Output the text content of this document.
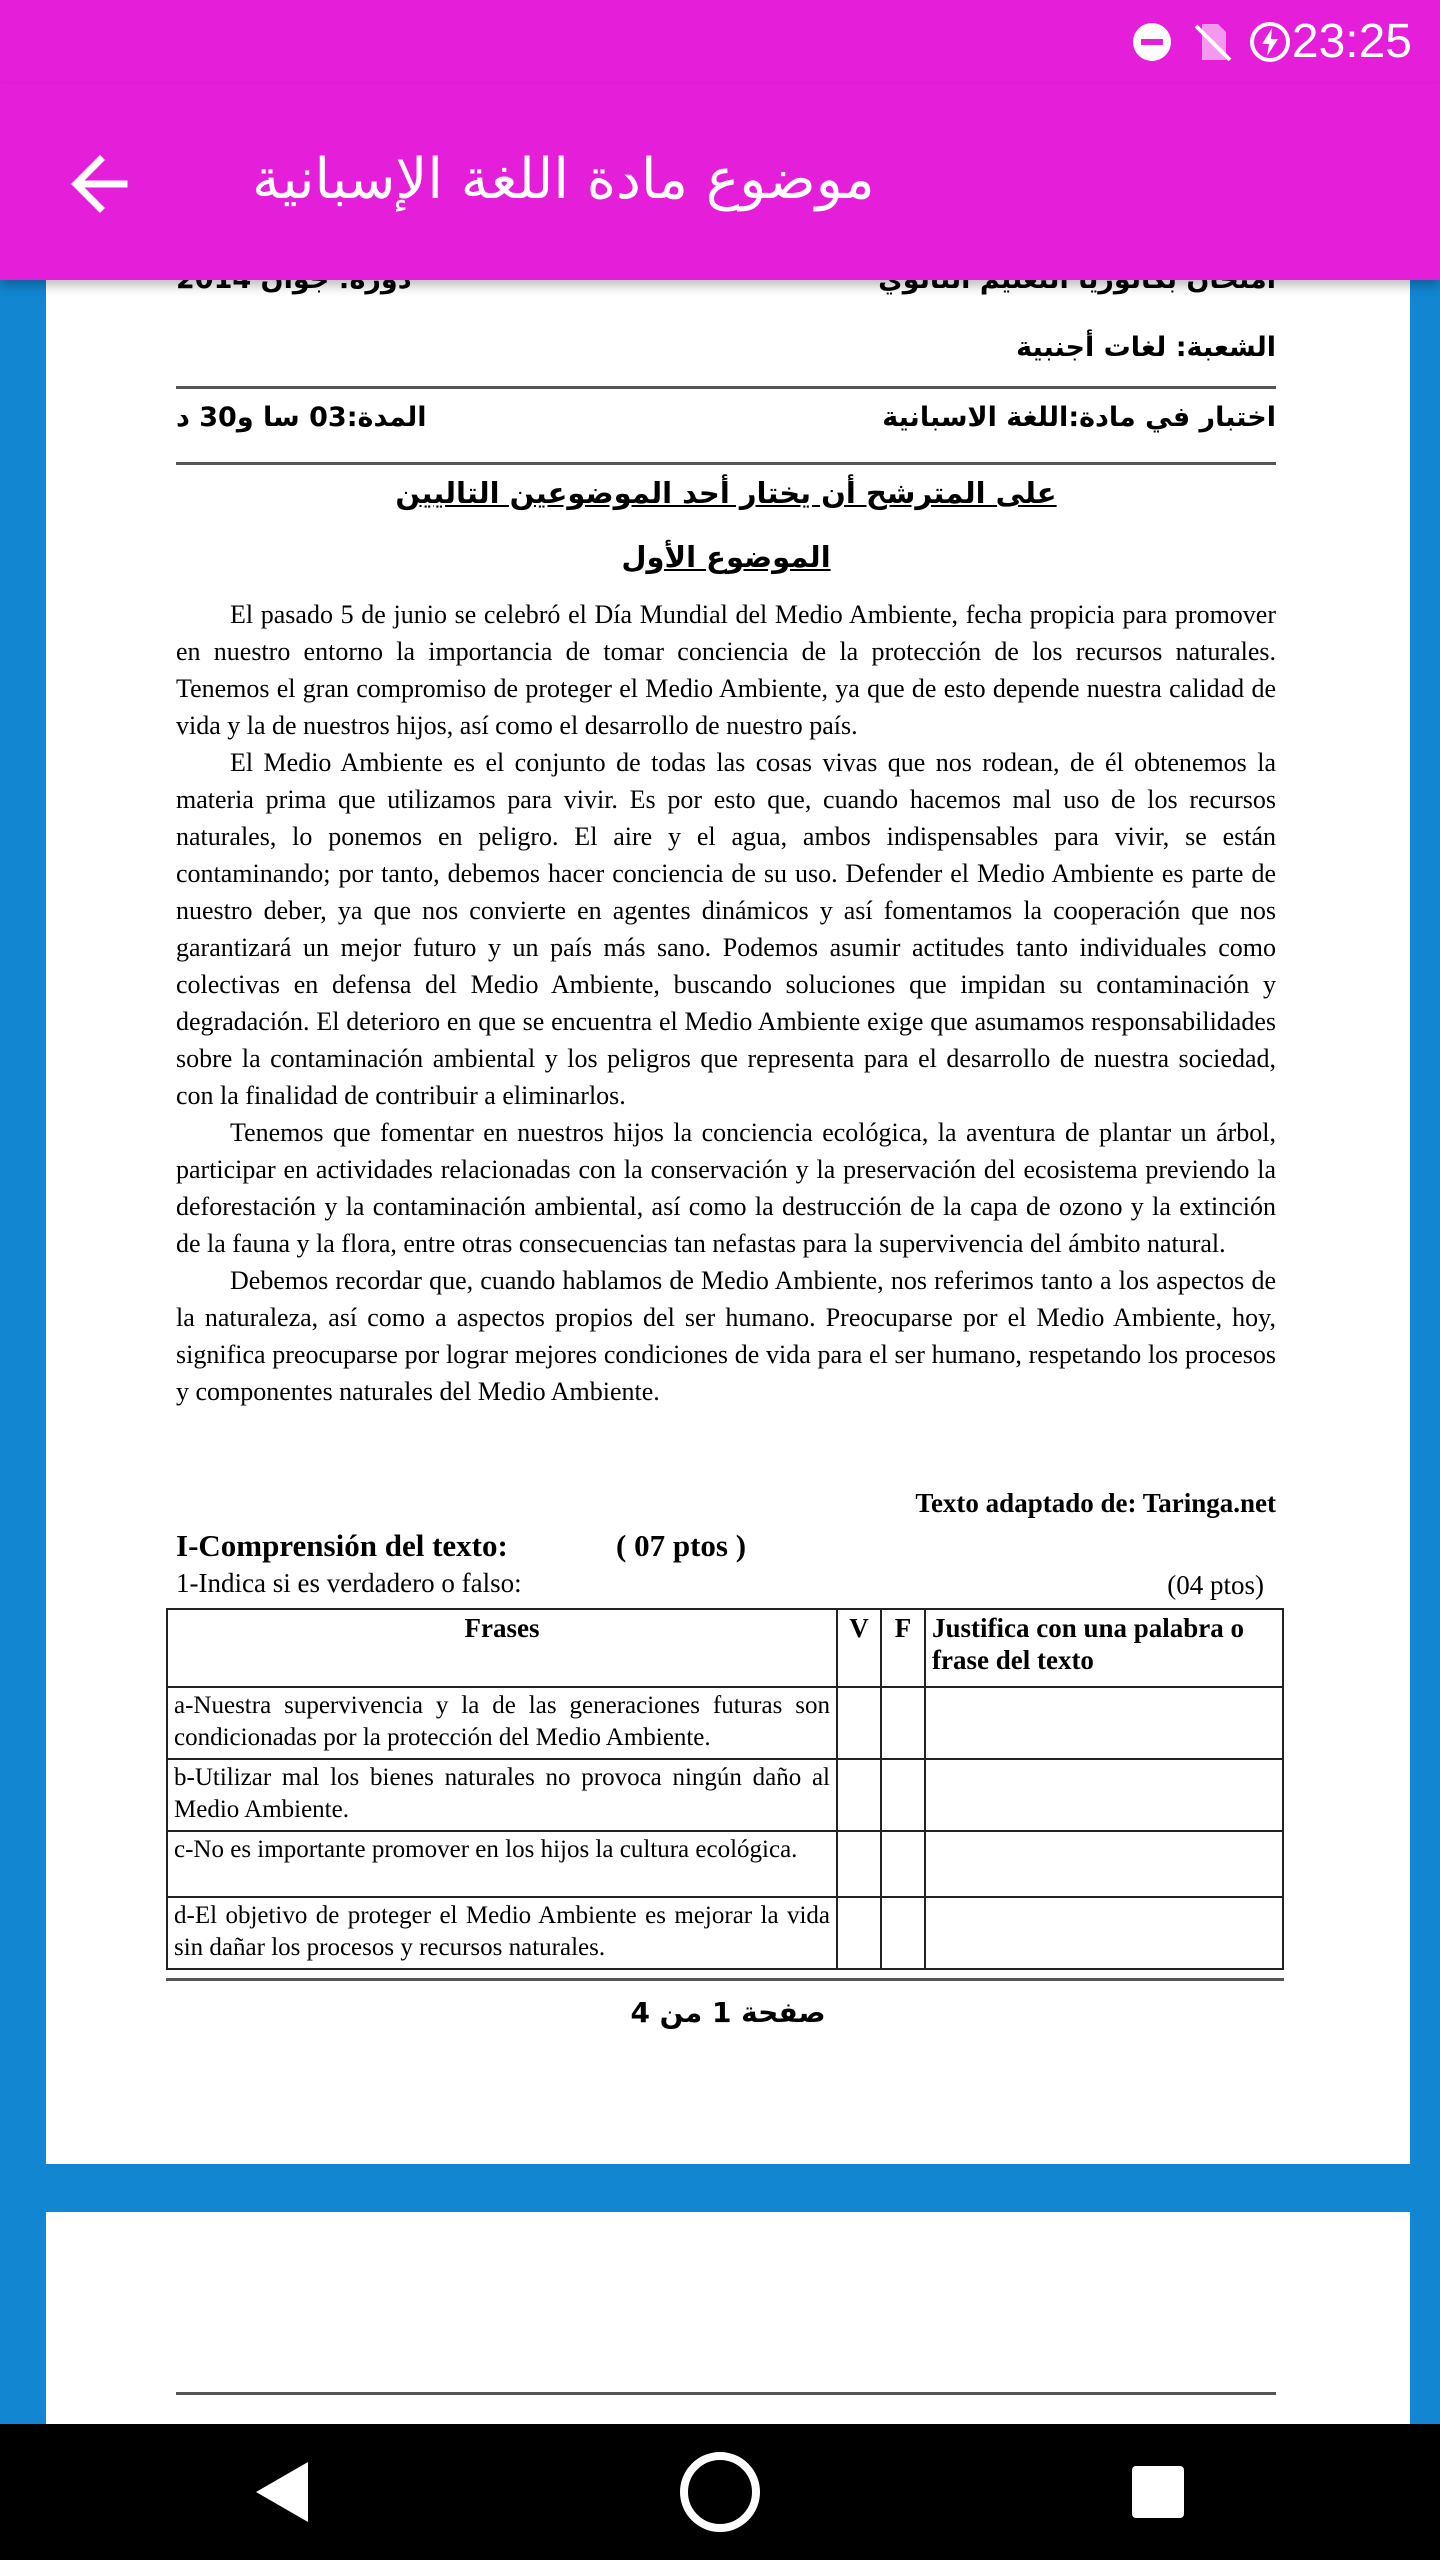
23:25
موضوع مادة اللغة الإسبانية
الشعبة: لغات أجنبية
اختبار في مادة:اللغة الاسبانية
المدة:03 سا و30 د
على المترشح أن يختار أحد الموضوعين التاليين
الموضوع الأول

El pasado 5 de junio se celebró el Día Mundial del Medio Ambiente, fecha propicia para promover en nuestro entorno la importancia de tomar conciencia de la protección de los recursos naturales. Tenemos el gran compromiso de proteger el Medio Ambiente, ya que de esto depende nuestra calidad de vida y la de nuestros hijos, así como el desarrollo de nuestro país.

El Medio Ambiente es el conjunto de todas las cosas vivas que nos rodean, de él obtenemos la materia prima que utilizamos para vivir. Es por esto que, cuando hacemos mal uso de los recursos naturales, lo ponemos en peligro. El aire y el agua, ambos indispensables para vivir, se están contaminando; por tanto, debemos hacer conciencia de su uso. Defender el Medio Ambiente es parte de nuestro deber, ya que nos convierte en agentes dinámicos y así fomentamos la cooperación que nos garantizará un mejor futuro y un país más sano. Podemos asumir actitudes tanto individuales como colectivas en defensa del Medio Ambiente, buscando soluciones que impidan su contaminación y degradación. El deterioro en que se encuentra el Medio Ambiente exige que asumamos responsabilidades sobre la contaminación ambiental y los peligros que representa para el desarrollo de nuestra sociedad, con la finalidad de contribuir a eliminarlos.

Tenemos que fomentar en nuestros hijos la conciencia ecológica, la aventura de plantar un árbol, participar en actividades relacionadas con la conservación y la preservación del ecosistema previendo la deforestación y la contaminación ambiental, así como la destrucción de la capa de ozono y la extinción de la fauna y la flora, entre otras consecuencias tan nefastas para la supervivencia del ámbito natural.

Debemos recordar que, cuando hablamos de Medio Ambiente, nos referimos tanto a los aspectos de la naturaleza, así como a aspectos propios del ser humano. Preocuparse por el Medio Ambiente, hoy, significa preocuparse por lograr mejores condiciones de vida para el ser humano, respetando los procesos y componentes naturales del Medio Ambiente.

Texto adaptado de: Taringa.net
I-Comprensión del texto:	( 07 ptos )
1-Indica si es verdadero o falso:	(04 ptos)
Frases	V	F	Justifica con una palabra o frase del texto
a-Nuestra supervivencia y la de las generaciones futuras son condicionadas por la protección del Medio Ambiente.			
b-Utilizar mal los bienes naturales no provoca ningún daño al Medio Ambiente.			
c-No es importante promover en los hijos la cultura ecológica.			
d-El objetivo de proteger el Medio Ambiente es mejorar la vida sin dañar los procesos y recursos naturales.			
صفحة 1 من 4
